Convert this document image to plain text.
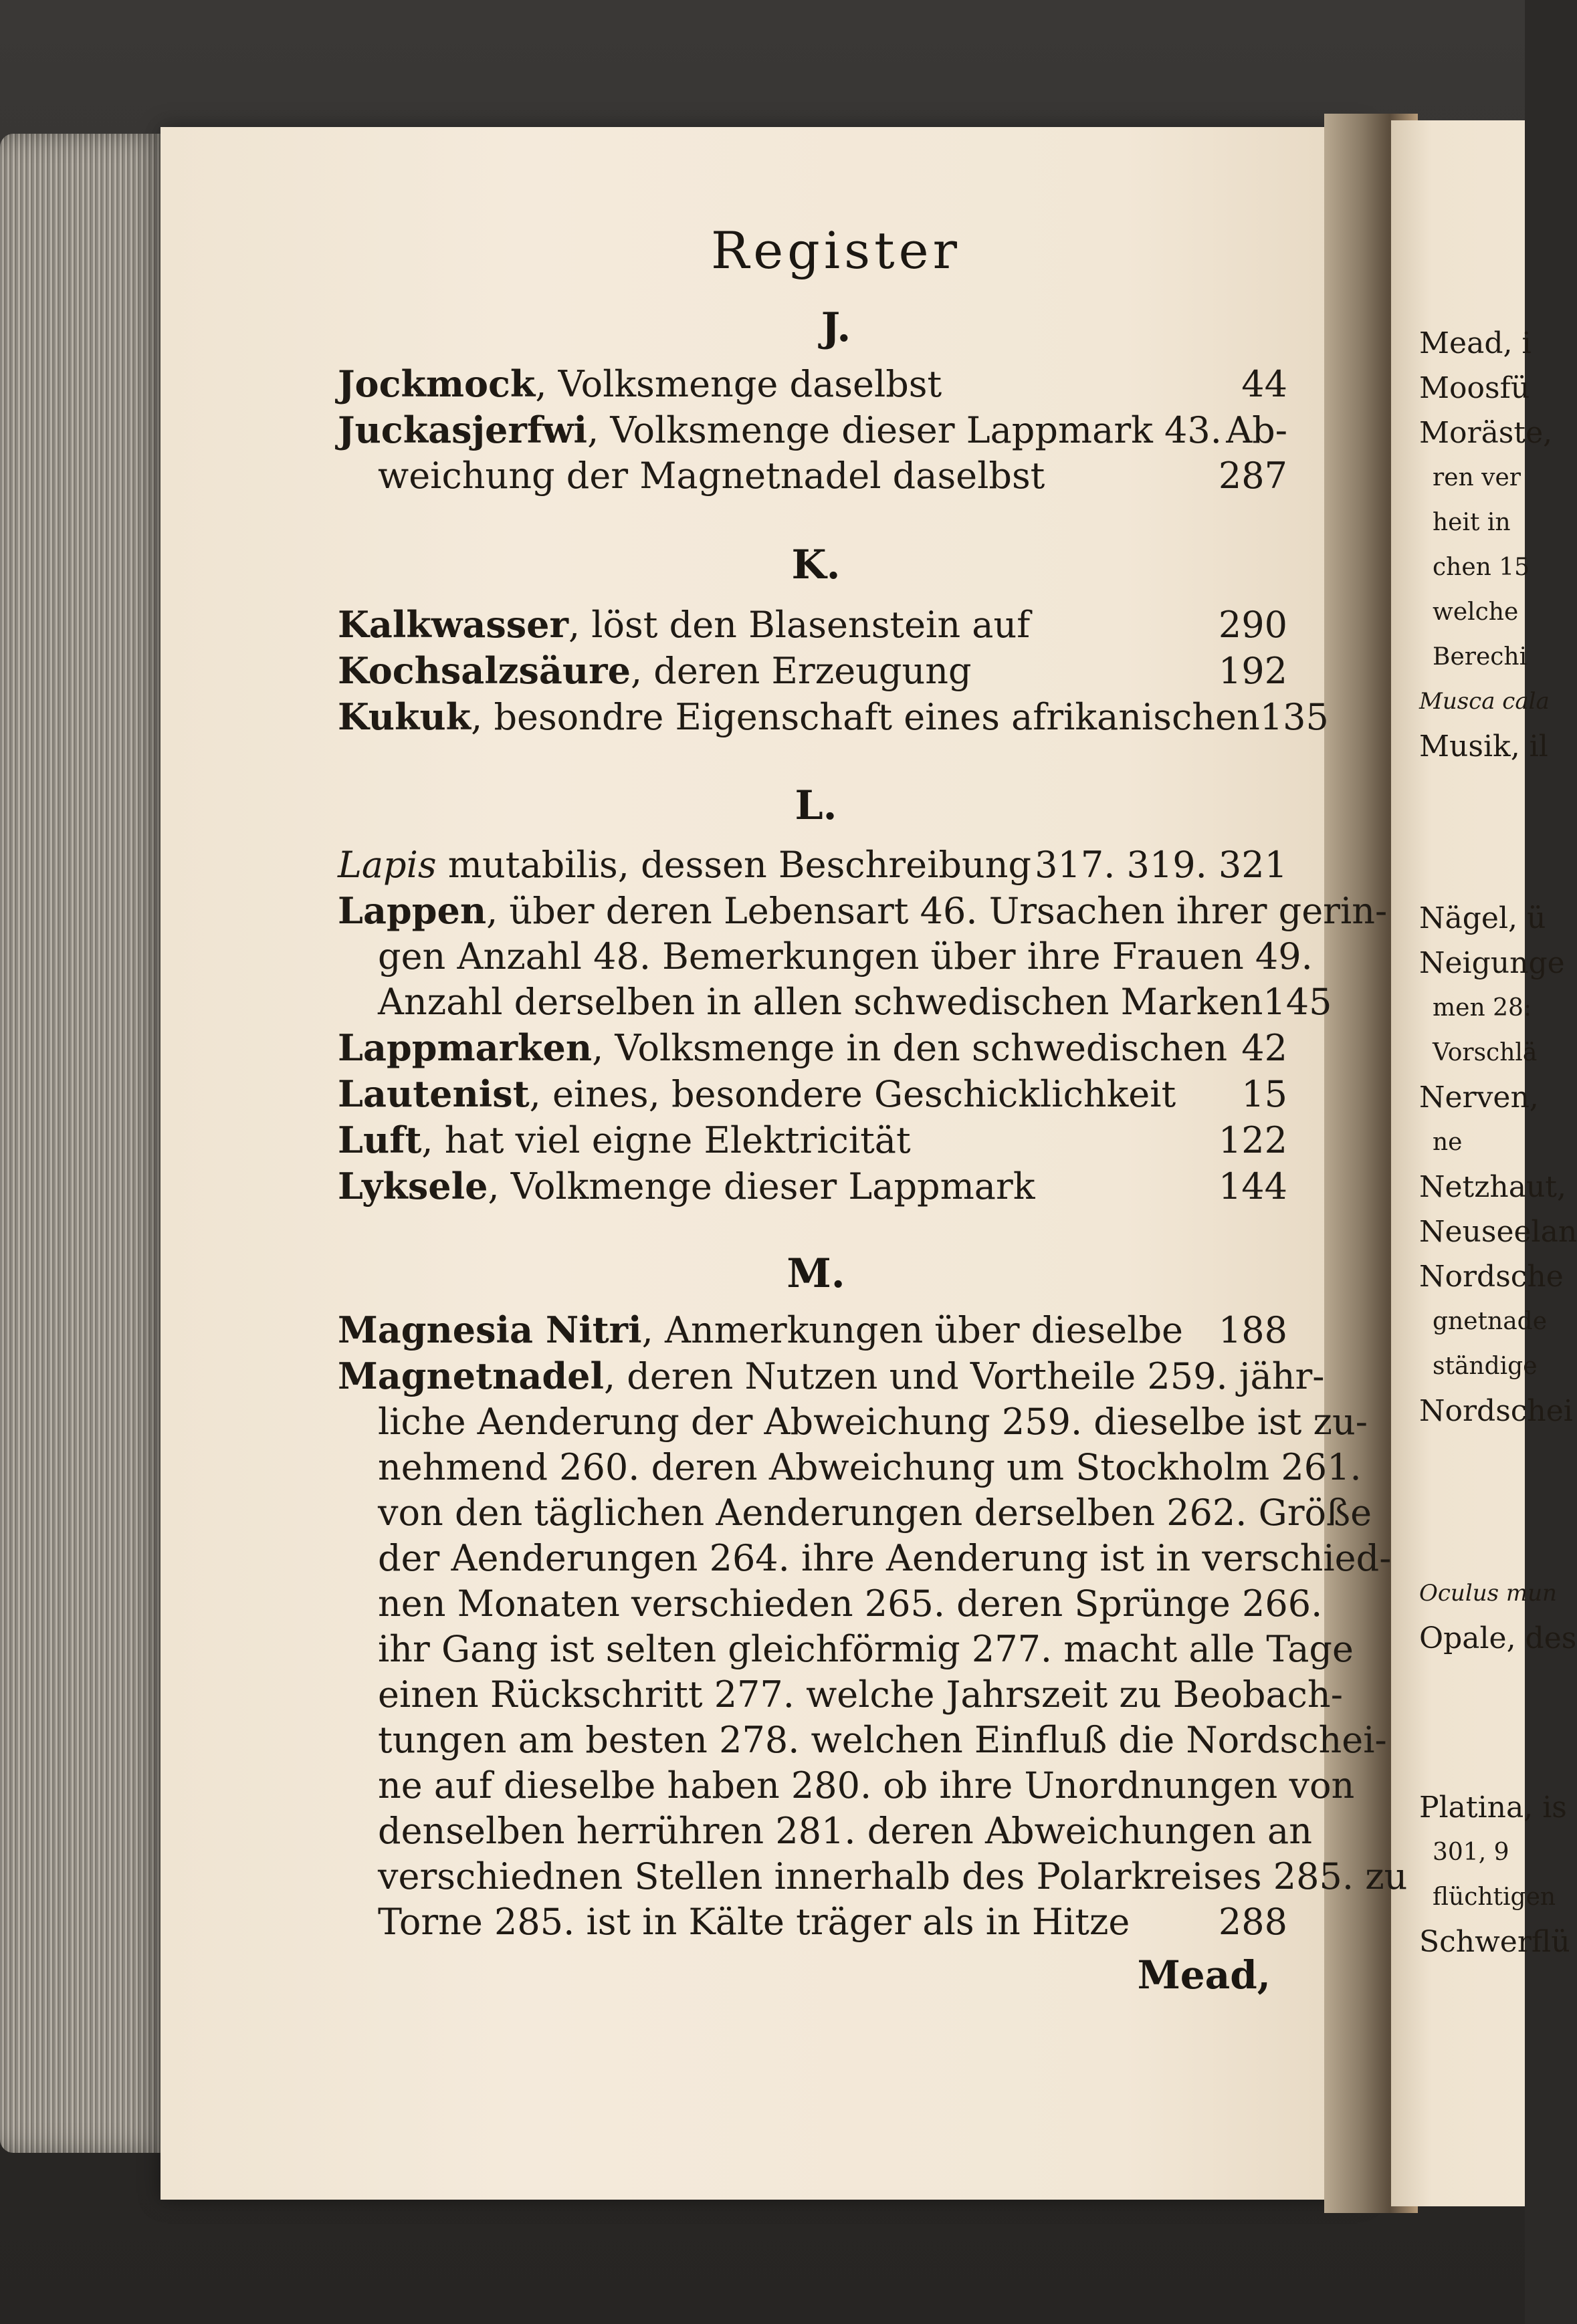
Register
J.
Jockmock, Volksmenge daselbst	44
Juckasjerfwi, Volksmenge dieser Lappmark 43. Ab-
weichung der Magnetnadel daselbst	287
K.
Kalkwasser, löst den Blasenstein auf	290
Kochsalzsäure, deren Erzeugung	192
Kukuk, besondre Eigenschaft eines afrikanischen 135
L.
Lapis mutabilis, dessen Beschreibung 317. 319. 321
Lappen, über deren Lebensart 46. Ursachen ihrer gerin-
gen Anzahl 48. Bemerkungen über ihre Frauen 49.
Anzahl derselben in allen schwedischen Marken 145
Lappmarken, Volksmenge in den schwedischen 42
Lautenist, eines, besondere Geschicklichkeit 15
Luft, hat viel eigne Elektricität	122
Lyksele, Volkmenge dieser Lappmark	144
M.
Magnesia Nitri, Anmerkungen über dieselbe 188
Magnetnadel, deren Nutzen und Vortheile 259. jähr-
liche Aenderung der Abweichung 259. dieselbe ist zu-
nehmend 260. deren Abweichung um Stockholm 261.
von den täglichen Aenderungen derselben 262. Größe
der Aenderungen 264. ihre Aenderung ist in verschied-
nen Monaten verschieden 265. deren Sprünge 266.
ihr Gang ist selten gleichförmig 277. macht alle Tage
einen Rückschritt 277. welche Jahrszeit zu Beobach-
tungen am besten 278. welchen Einfluß die Nordschei-
ne auf dieselbe haben 280. ob ihre Unordnungen von
denselben herrühren 281. deren Abweichungen an
verschiednen Stellen innerhalb des Polarkreises 285. zu
Torne 285. ist in Kälte träger als in Hitze 288
Mead,
Mead, i
Moosfü
Moräste,
ren ver
heit in
chen 15
welche
Berechi
Musca cala
Musik, il
Nägel, ü
Neigunge
men 28:
Vorschlä
Nerven,
ne
Netzhaut,
Neuseelan
Nordsche
gnetnade
ständige
Nordschei
Oculus mun
Opale, des
Platina, is
301, 9
flüchtigen
Schwerflü
